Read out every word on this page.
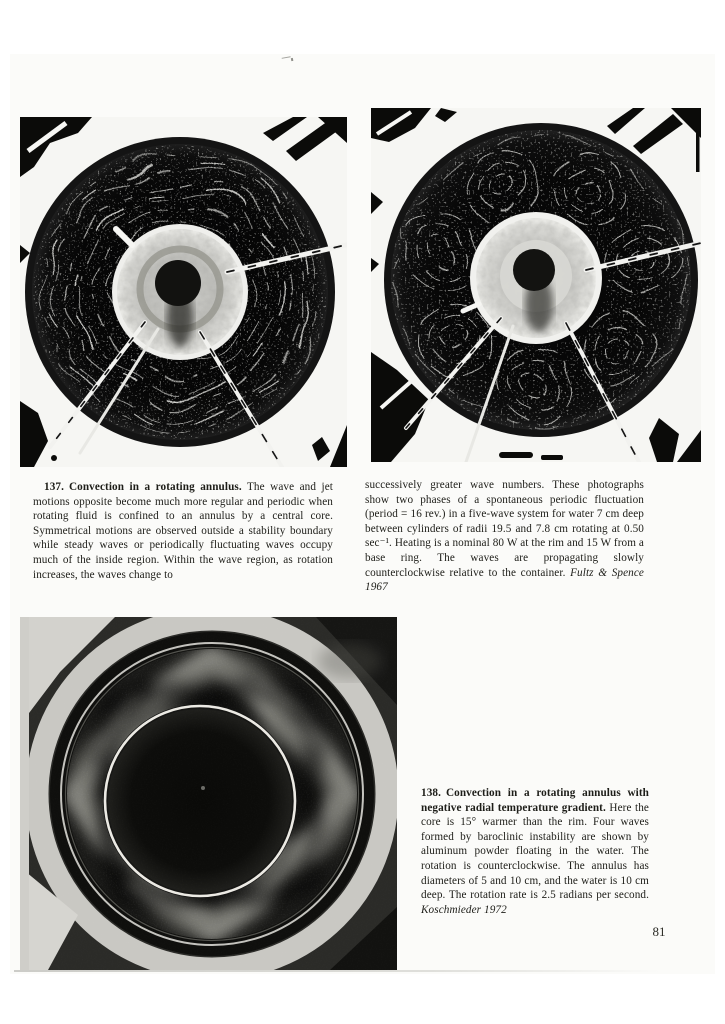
137. Convection in a rotating annulus. The wave and jet motions opposite become much more regular and periodic when rotating fluid is confined to an annulus by a central core. Symmetrical motions are observed outside a stability boundary while steady waves or periodically fluctuating waves occupy much of the inside region. Within the wave region, as rotation increases, the waves change to

successively greater wave numbers. These photographs show two phases of a spontaneous periodic fluctuation (period = 16 rev.) in a five-wave system for water 7 cm deep between cylinders of radii 19.5 and 7.8 cm rotating at 0.50 sec⁻¹. Heating is a nominal 80 W at the rim and 15 W from a base ring. The waves are propagating slowly counterclockwise relative to the container. Fultz & Spence 1967

138. Convection in a rotating annulus with negative radial temperature gradient. Here the core is 15° warmer than the rim. Four waves formed by baroclinic instability are shown by aluminum powder floating in the water. The rotation is counterclockwise. The annulus has diameters of 5 and 10 cm, and the water is 10 cm deep. The rotation rate is 2.5 radians per second. Koschmieder 1972

81
